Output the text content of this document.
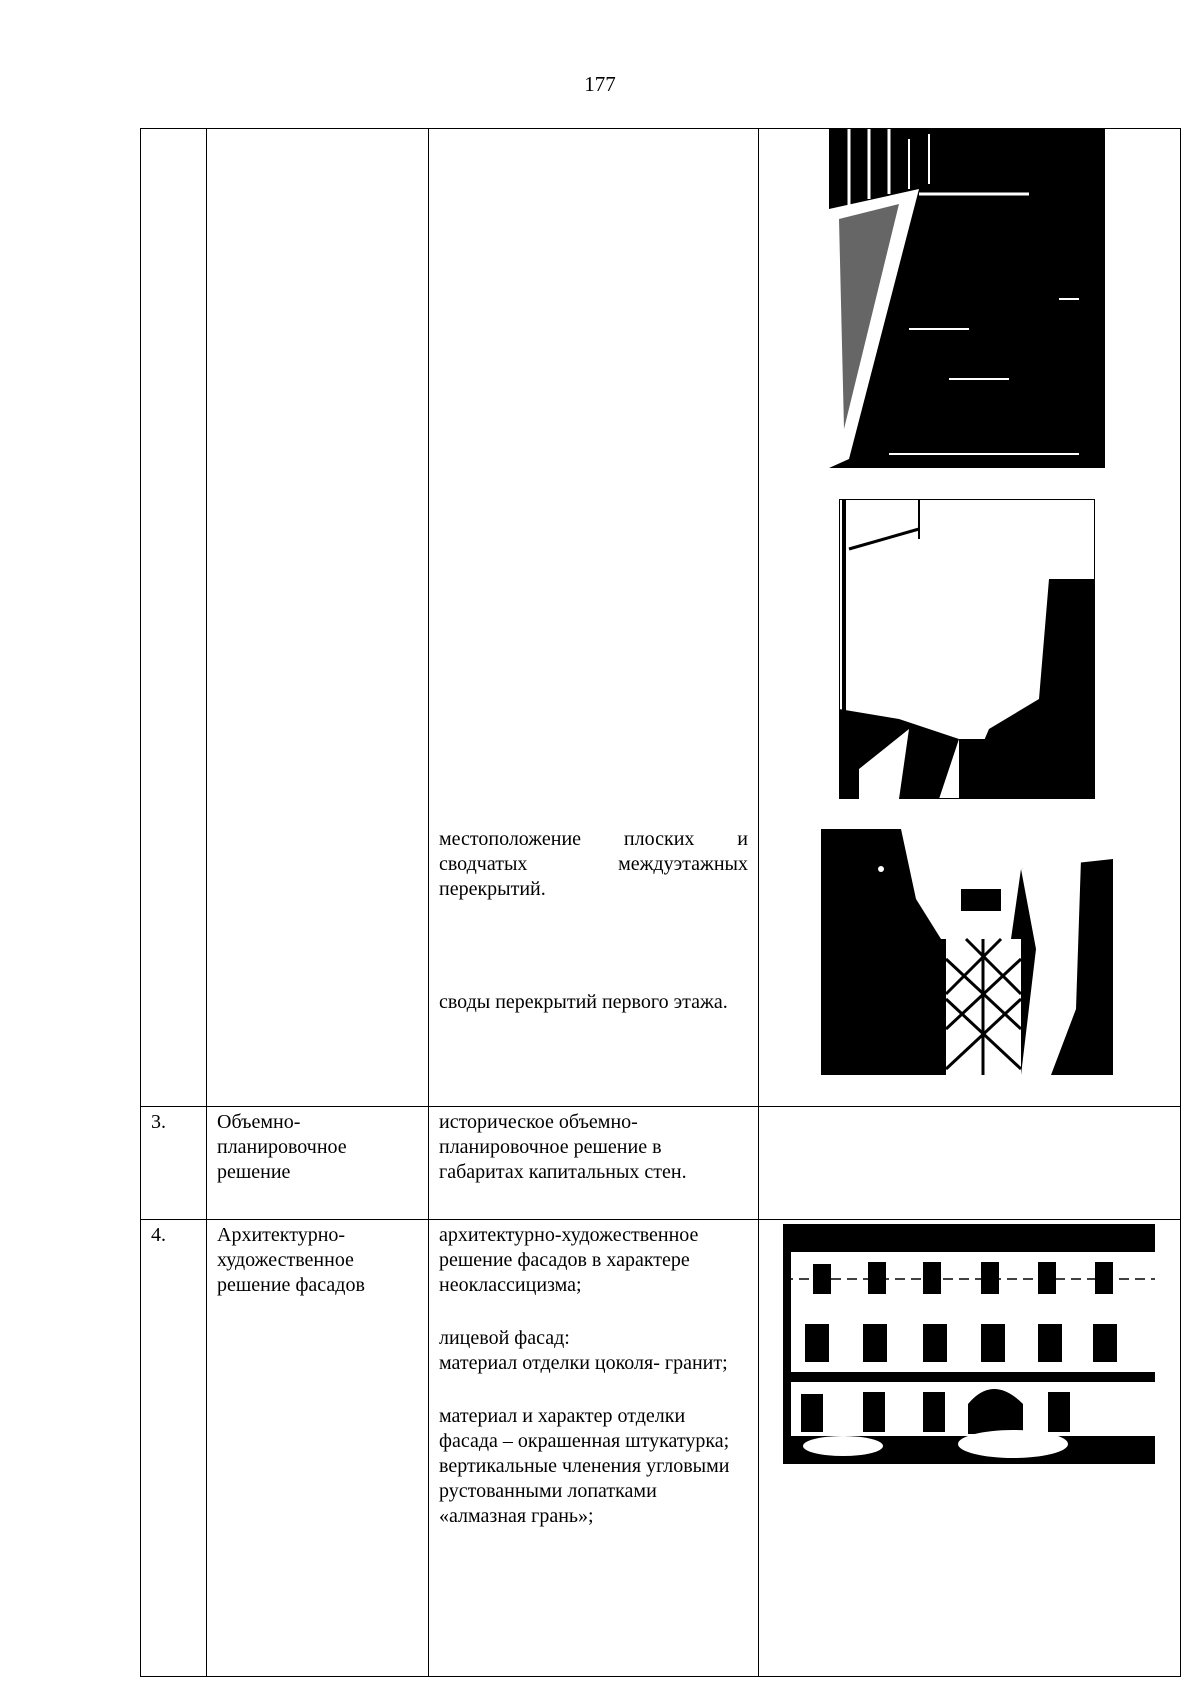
177

		местоположение плоских и сводчатых междуэтажных перекрытий.
своды перекрытий первого этажа.

3.	Объемно-планировочное решение	историческое объемно-планировочное решение в габаритах капитальных стен.	

4.	Архитектурно-художественное решение фасадов	архитектурно-художественное решение фасадов в характере неоклассицизма;
лицевой фасад:
материал отделки цоколя- гранит;
материал и характер отделки фасада – окрашенная штукатурка; вертикальные членения угловыми рустованными лопатками «алмазная грань»;
